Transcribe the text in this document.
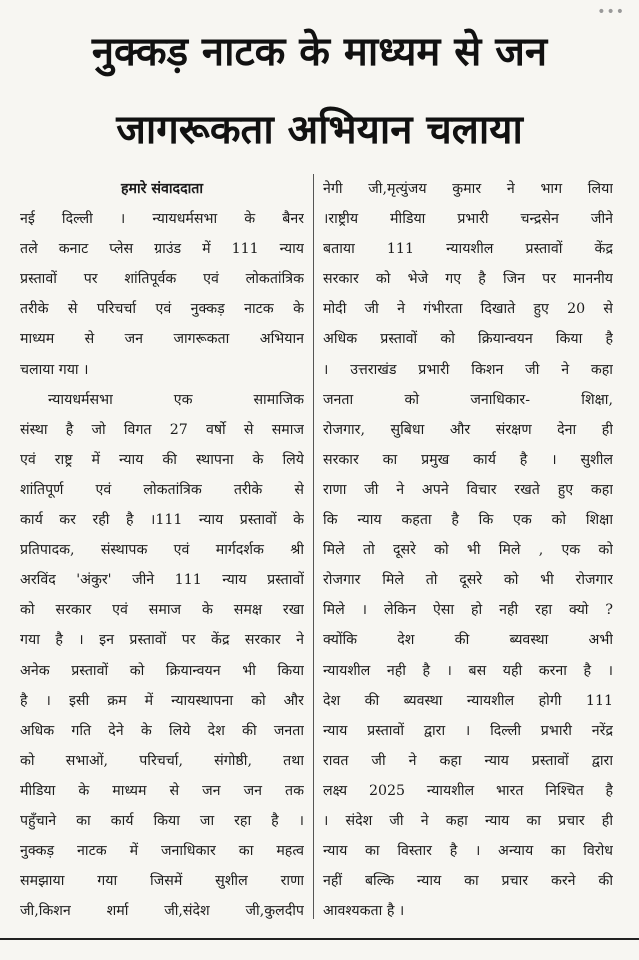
•••
नुक्कड़ नाटक के माध्यम से जन
जागरूकता अभियान चलाया
हमारे संवाददाता
नई दिल्ली । न्यायधर्मसभा के बैनर
तले कनाट प्लेस ग्राउंड में 111 न्याय
प्रस्तावों पर शांतिपूर्वक एवं लोकतांत्रिक
तरीके से परिचर्चा एवं नुक्कड़ नाटक के
माध्यम से जन जागरूकता अभियान
चलाया गया ।
न्यायधर्मसभा एक सामाजिक
संस्था है जो विगत 27 वर्षो से समाज
एवं राष्ट्र में न्याय की स्थापना के लिये
शांतिपूर्ण एवं लोकतांत्रिक तरीके से
कार्य कर रही है ।111 न्याय प्रस्तावों के
प्रतिपादक, संस्थापक एवं मार्गदर्शक श्री
अरविंद 'अंकुर' जीने 111 न्याय प्रस्तावों
को सरकार एवं समाज के समक्ष रखा
गया है । इन प्रस्तावों पर केंद्र सरकार ने
अनेक प्रस्तावों को क्रियान्वयन भी किया
है । इसी क्रम में न्यायस्थापना को और
अधिक गति देने के लिये देश की जनता
को सभाओं, परिचर्चा, संगोष्ठी, तथा
मीडिया के माध्यम से जन जन तक
पहुँचाने का कार्य किया जा रहा है ।
नुक्कड़ नाटक में जनाधिकार का महत्व
समझाया गया जिसमें सुशील राणा
जी,किशन शर्मा जी,संदेश जी,कुलदीप
नेगी जी,मृत्युंजय कुमार ने भाग लिया
।राष्ट्रीय मीडिया प्रभारी चन्द्रसेन जीने
बताया 111 न्यायशील प्रस्तावों केंद्र
सरकार को भेजे गए है जिन पर माननीय
मोदी जी ने गंभीरता दिखाते हुए 20 से
अधिक प्रस्तावों को क्रियान्वयन किया है
। उत्तराखंड प्रभारी किशन जी ने कहा
जनता को जनाधिकार- शिक्षा,
रोजगार, सुबिधा और संरक्षण देना ही
सरकार का प्रमुख कार्य है । सुशील
राणा जी ने अपने विचार रखते हुए कहा
कि न्याय कहता है कि एक को शिक्षा
मिले तो दूसरे को भी मिले , एक को
रोजगार मिले तो दूसरे को भी रोजगार
मिले । लेकिन ऐसा हो नही रहा क्यो ?
क्योंकि देश की ब्यवस्था अभी
न्यायशील नही है । बस यही करना है ।
देश की ब्यवस्था न्यायशील होगी 111
न्याय प्रस्तावों द्वारा । दिल्ली प्रभारी नरेंद्र
रावत जी ने कहा न्याय प्रस्तावों द्वारा
लक्ष्य 2025 न्यायशील भारत निश्चित है
। संदेश जी ने कहा न्याय का प्रचार ही
न्याय का विस्तार है । अन्याय का विरोध
नहीं बल्कि न्याय का प्रचार करने की
आवश्यकता है ।
